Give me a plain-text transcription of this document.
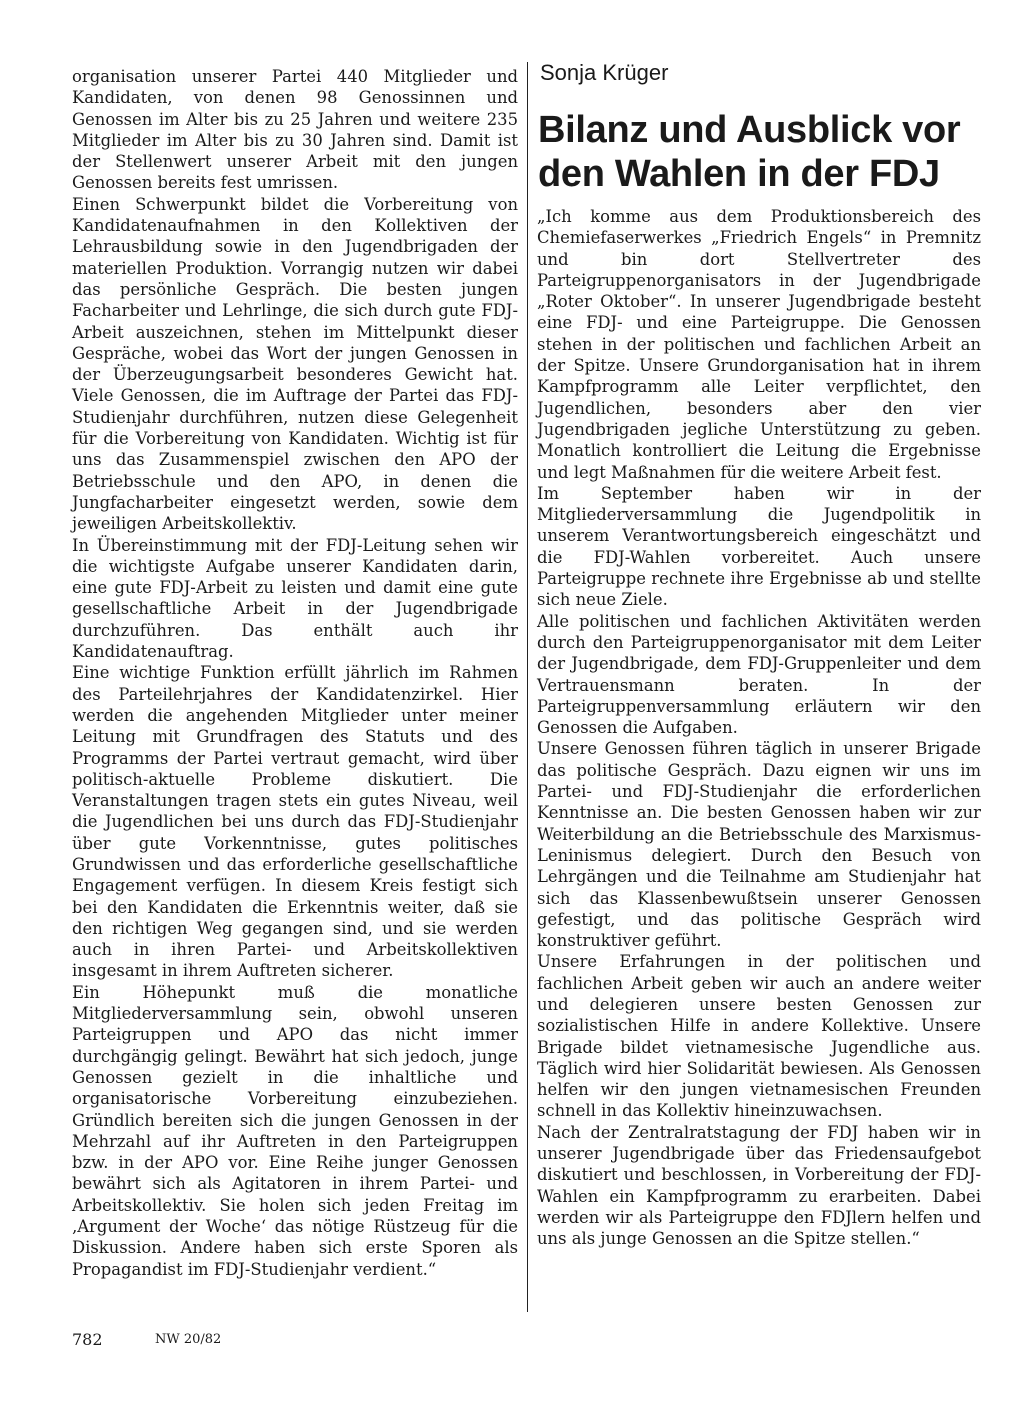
organisation unserer Partei 440 Mitglieder und Kandidaten, von denen 98 Genossinnen und Genossen im Alter bis zu 25 Jahren und weitere 235 Mitglieder im Alter bis zu 30 Jahren sind. Damit ist der Stellenwert unserer Arbeit mit den jungen Genossen bereits fest umrissen.

Einen Schwerpunkt bildet die Vorbereitung von Kandidatenaufnahmen in den Kollektiven der Lehrausbildung sowie in den Jugendbrigaden der materiellen Produktion. Vorrangig nutzen wir dabei das persönliche Gespräch. Die besten jungen Facharbeiter und Lehrlinge, die sich durch gute FDJ-Arbeit auszeichnen, stehen im Mittelpunkt dieser Gespräche, wobei das Wort der jungen Genossen in der Überzeugungsarbeit besonderes Gewicht hat. Viele Genossen, die im Auftrage der Partei das FDJ-Studienjahr durchführen, nutzen diese Gelegenheit für die Vorbereitung von Kandidaten. Wichtig ist für uns das Zusammenspiel zwischen den APO der Betriebsschule und den APO, in denen die Jungfacharbeiter eingesetzt werden, sowie dem jeweiligen Arbeitskollektiv.

In Übereinstimmung mit der FDJ-Leitung sehen wir die wichtigste Aufgabe unserer Kandidaten darin, eine gute FDJ-Arbeit zu leisten und damit eine gute gesellschaftliche Arbeit in der Jugendbrigade durchzuführen. Das enthält auch ihr Kandidatenauftrag.

Eine wichtige Funktion erfüllt jährlich im Rahmen des Parteilehrjahres der Kandidatenzirkel. Hier werden die angehenden Mitglieder unter meiner Leitung mit Grundfragen des Statuts und des Programms der Partei vertraut gemacht, wird über politisch-aktuelle Probleme diskutiert. Die Veranstaltungen tragen stets ein gutes Niveau, weil die Jugendlichen bei uns durch das FDJ-Studienjahr über gute Vorkenntnisse, gutes politisches Grundwissen und das erforderliche gesellschaftliche Engagement verfügen. In diesem Kreis festigt sich bei den Kandidaten die Erkenntnis weiter, daß sie den richtigen Weg gegangen sind, und sie werden auch in ihren Partei- und Arbeitskollektiven insgesamt in ihrem Auftreten sicherer.

Ein Höhepunkt muß die monatliche Mitgliederversammlung sein, obwohl unseren Parteigruppen und APO das nicht immer durchgängig gelingt. Bewährt hat sich jedoch, junge Genossen gezielt in die inhaltliche und organisatorische Vorbereitung einzubeziehen. Gründlich bereiten sich die jungen Genossen in der Mehrzahl auf ihr Auftreten in den Parteigruppen bzw. in der APO vor. Eine Reihe junger Genossen bewährt sich als Agitatoren in ihrem Partei- und Arbeitskollektiv. Sie holen sich jeden Freitag im ‚Argument der Woche‘ das nötige Rüstzeug für die Diskussion. Andere haben sich erste Sporen als Propagandist im FDJ-Studienjahr verdient.“

Sonja Krüger

Bilanz und Ausblick vor den Wahlen in der FDJ

„Ich komme aus dem Produktionsbereich des Chemiefaserwerkes „Friedrich Engels“ in Premnitz und bin dort Stellvertreter des Parteigruppenorganisators in der Jugendbrigade „Roter Oktober“. In unserer Jugendbrigade besteht eine FDJ- und eine Parteigruppe. Die Genossen stehen in der politischen und fachlichen Arbeit an der Spitze. Unsere Grundorganisation hat in ihrem Kampfprogramm alle Leiter verpflichtet, den Jugendlichen, besonders aber den vier Jugendbrigaden jegliche Unterstützung zu geben. Monatlich kontrolliert die Leitung die Ergebnisse und legt Maßnahmen für die weitere Arbeit fest.

Im September haben wir in der Mitgliederversammlung die Jugendpolitik in unserem Verantwortungsbereich eingeschätzt und die FDJ-Wahlen vorbereitet. Auch unsere Parteigruppe rechnete ihre Ergebnisse ab und stellte sich neue Ziele.

Alle politischen und fachlichen Aktivitäten werden durch den Parteigruppenorganisator mit dem Leiter der Jugendbrigade, dem FDJ-Gruppenleiter und dem Vertrauensmann beraten. In der Parteigruppenversammlung erläutern wir den Genossen die Aufgaben.

Unsere Genossen führen täglich in unserer Brigade das politische Gespräch. Dazu eignen wir uns im Partei- und FDJ-Studienjahr die erforderlichen Kenntnisse an. Die besten Genossen haben wir zur Weiterbildung an die Betriebsschule des Marxismus-Leninismus delegiert. Durch den Besuch von Lehrgängen und die Teilnahme am Studienjahr hat sich das Klassenbewußtsein unserer Genossen gefestigt, und das politische Gespräch wird konstruktiver geführt.

Unsere Erfahrungen in der politischen und fachlichen Arbeit geben wir auch an andere weiter und delegieren unsere besten Genossen zur sozialistischen Hilfe in andere Kollektive. Unsere Brigade bildet vietnamesische Jugendliche aus. Täglich wird hier Solidarität bewiesen. Als Genossen helfen wir den jungen vietnamesischen Freunden schnell in das Kollektiv hineinzuwachsen.

Nach der Zentralratstagung der FDJ haben wir in unserer Jugendbrigade über das Friedensaufgebot diskutiert und beschlossen, in Vorbereitung der FDJ-Wahlen ein Kampfprogramm zu erarbeiten. Dabei werden wir als Parteigruppe den FDJlern helfen und uns als junge Genossen an die Spitze stellen.“

782	NW 20/82
